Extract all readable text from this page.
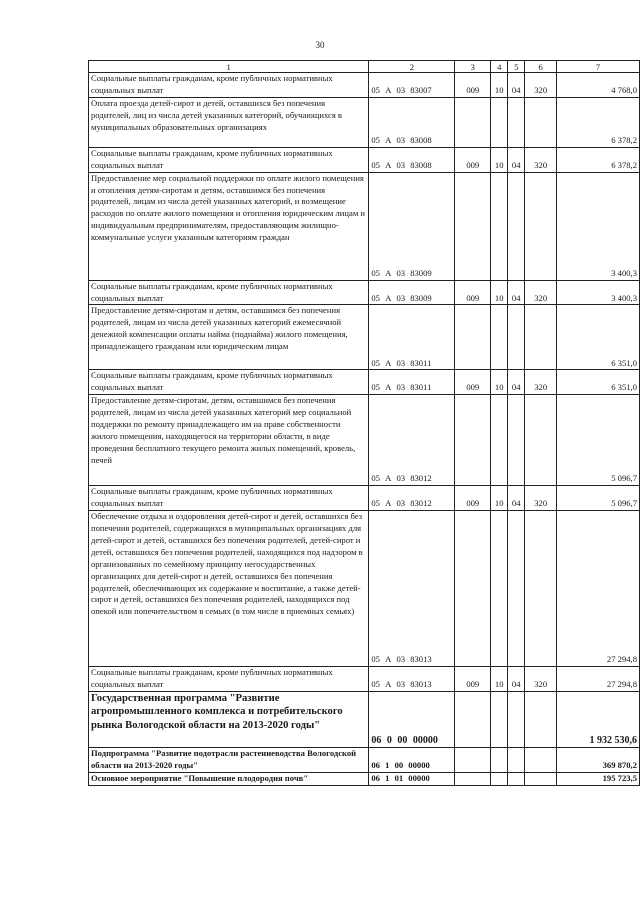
30
1	2	3	4	5	6	7
Социальные выплаты гражданам, кроме публичных нормативных социальных выплат	05 А 03 83007	009	10	04	320	4 768,0
Оплата проезда детей-сирот и детей, оставшихся без попечения родителей, лиц из числа детей указанных категорий, обучающихся в муниципальных образовательных организациях	05 А 03 83008					6 378,2
Социальные выплаты гражданам, кроме публичных нормативных социальных выплат	05 А 03 83008	009	10	04	320	6 378,2
Предоставление мер социальной поддержки по оплате жилого помещения и отопления детям-сиротам и детям, оставшимся без попечения родителей, лицам из числа детей указанных категорий, и возмещение расходов по оплате жилого помещения и отопления юридическим лицам и индивидуальным предпринимателям, предоставляющим жилищно-коммунальные услуги указанным категориям граждан	05 А 03 83009					3 400,3
Социальные выплаты гражданам, кроме публичных нормативных социальных выплат	05 А 03 83009	009	10	04	320	3 400,3
Предоставление детям-сиротам и детям, оставшимся без попечения родителей, лицам из числа детей указанных категорий ежемесячной денежной компенсации оплаты найма (поднайма) жилого помещения, принадлежащего гражданам или юридическим лицам	05 А 03 83011					6 351,0
Социальные выплаты гражданам, кроме публичных нормативных социальных выплат	05 А 03 83011	009	10	04	320	6 351,0
Предоставление детям-сиротам, детям, оставшимся без попечения родителей, лицам из числа детей указанных категорий мер социальной поддержки по ремонту принадлежащего им на праве собственности жилого помещения, находящегося на территории области, в виде проведения бесплатного текущего ремонта жилых помещений, кровель, печей	05 А 03 83012					5 096,7
Социальные выплаты гражданам, кроме публичных нормативных социальных выплат	05 А 03 83012	009	10	04	320	5 096,7
Обеспечение отдыха и оздоровления детей-сирот и детей, оставшихся без попечения родителей, содержащихся в муниципальных организациях для детей-сирот и детей, оставшихся без попечения родителей, детей-сирот и детей, оставшихся без попечения родителей, находящихся под надзором в организованных по семейному принципу негосударственных организациях для детей-сирот и детей, оставшихся без попечения родителей, обеспечивающих их содержание и воспитание, а также детей-сирот и детей, оставшихся без попечения родителей, находящихся под опекой или попечительством в семьях (в том числе в приемных семьях)	05 А 03 83013					27 294,8
Социальные выплаты гражданам, кроме публичных нормативных социальных выплат	05 А 03 83013	009	10	04	320	27 294,8
Государственная программа "Развитие агропромышленного комплекса и потребительского рынка Вологодской области на 2013-2020 годы"	06 0 00 00000					1 932 530,6
Подпрограмма "Развитие подотрасли растениеводства Вологодской области на 2013-2020 годы"	06 1 00 00000					369 870,2
Основное мероприятие "Повышение плодородия почв"	06 1 01 00000					195 723,5
